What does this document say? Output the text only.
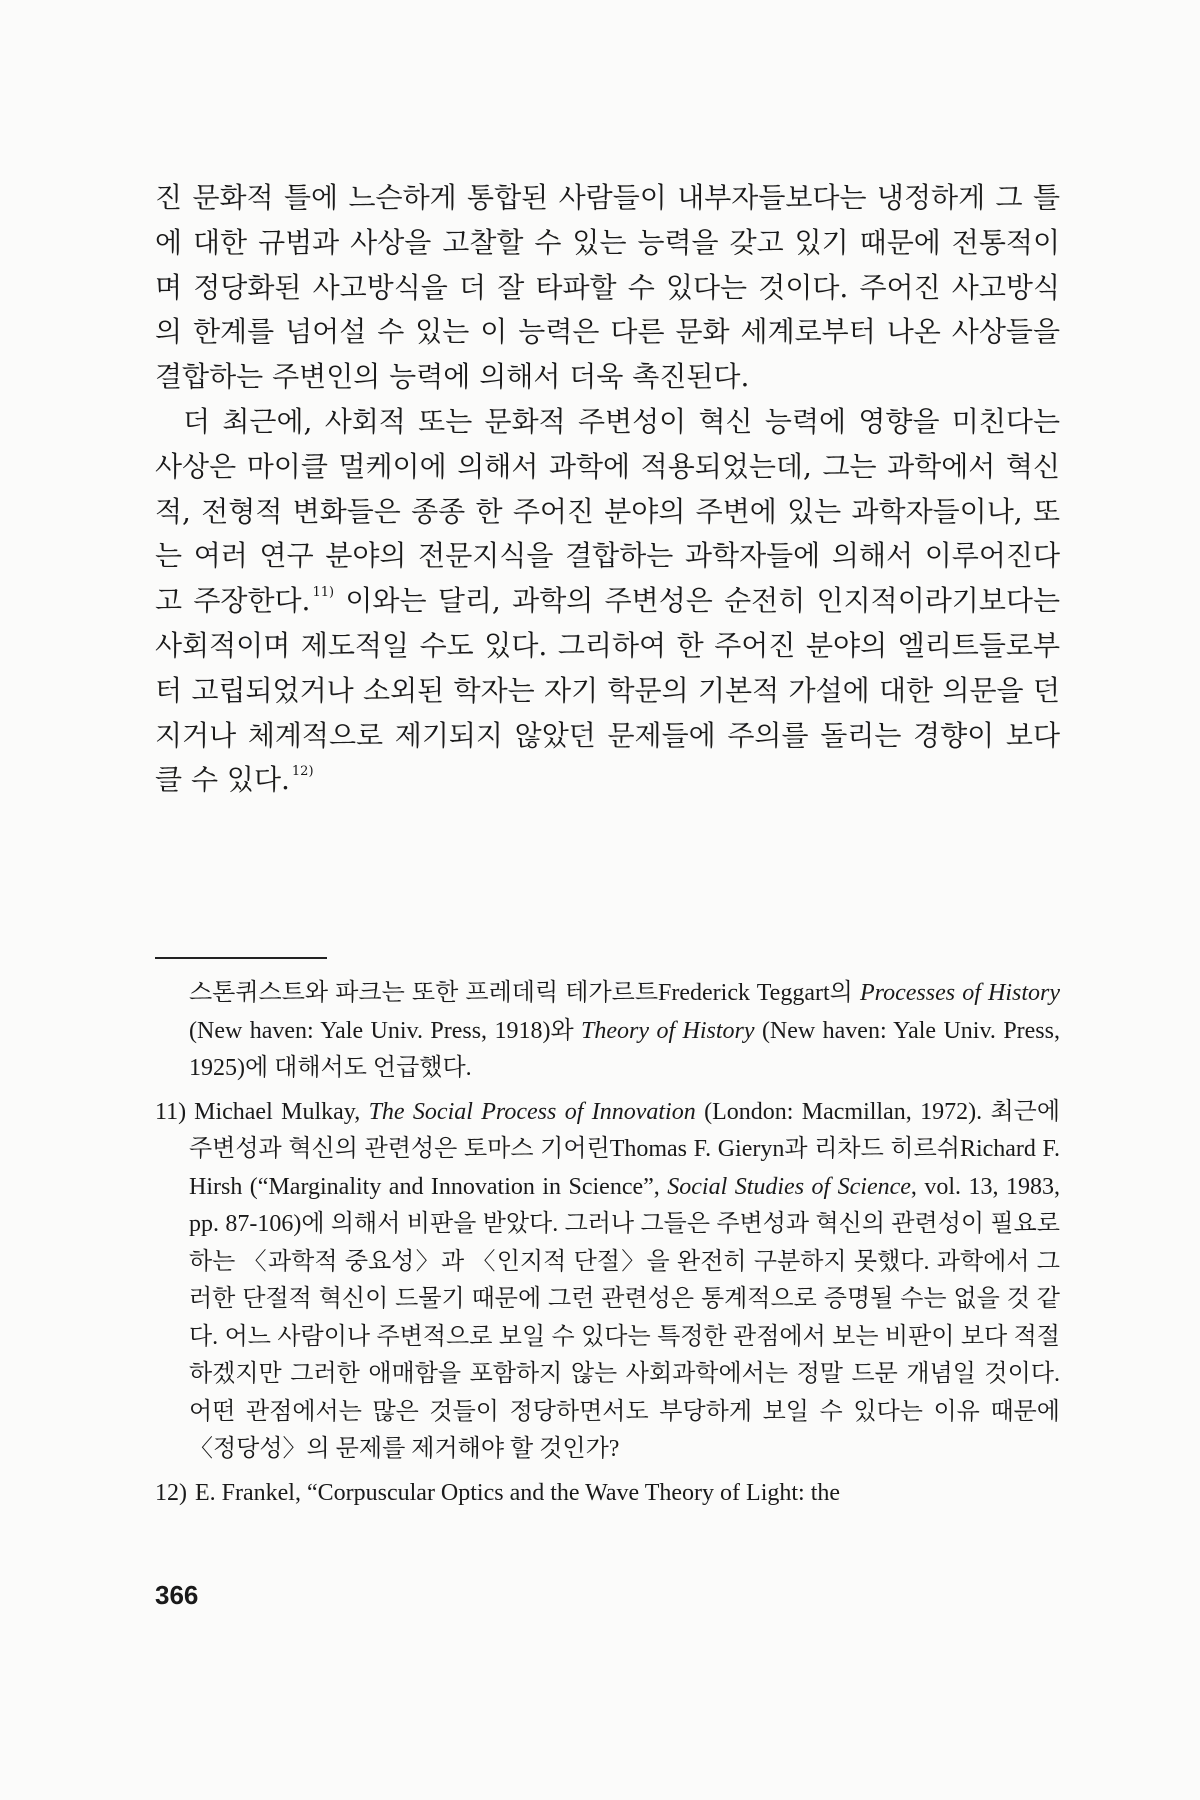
진 문화적 틀에 느슨하게 통합된 사람들이 내부자들보다는 냉정하게 그 틀에 대한 규범과 사상을 고찰할 수 있는 능력을 갖고 있기 때문에 전통적이며 정당화된 사고방식을 더 잘 타파할 수 있다는 것이다. 주어진 사고방식의 한계를 넘어설 수 있는 이 능력은 다른 문화 세계로부터 나온 사상들을 결합하는 주변인의 능력에 의해서 더욱 촉진된다.

더 최근에, 사회적 또는 문화적 주변성이 혁신 능력에 영향을 미친다는 사상은 마이클 멀케이에 의해서 과학에 적용되었는데, 그는 과학에서 혁신적, 전형적 변화들은 종종 한 주어진 분야의 주변에 있는 과학자들이나, 또는 여러 연구 분야의 전문지식을 결합하는 과학자들에 의해서 이루어진다고 주장한다. $^{11)}$ 이와는 달리, 과학의 주변성은 순전히 인지적이라기보다는 사회적이며 제도적일 수도 있다. 그리하여 한 주어진 분야의 엘리트들로부터 고립되었거나 소외된 학자는 자기 학문의 기본적 가설에 대한 의문을 던지거나 체계적으로 제기되지 않았던 문제들에 주의를 돌리는 경향이 보다 클 수 있다. $^{12)}$

스톤퀴스트와 파크는 또한 프레데릭 테가르트Frederick Teggart의 Processes of History (New haven: Yale Univ. Press, 1918)와 Theory of History (New haven: Yale Univ. Press, 1925)에 대해서도 언급했다.

11) Michael Mulkay, The Social Process of Innovation (London: Macmillan, 1972). 최근에 주변성과 혁신의 관련성은 토마스 기어린Thomas F. Gieryn과 리차드 히르쉬Richard F. Hirsh (“Marginality and Innovation in Science”, Social Studies of Science, vol. 13, 1983, pp. 87-106)에 의해서 비판을 받았다. 그러나 그들은 주변성과 혁신의 관련성이 필요로 하는 〈과학적 중요성〉과 〈인지적 단절〉을 완전히 구분하지 못했다. 과학에서 그러한 단절적 혁신이 드물기 때문에 그런 관련성은 통계적으로 증명될 수는 없을 것 같다. 어느 사람이나 주변적으로 보일 수 있다는 특정한 관점에서 보는 비판이 보다 적절하겠지만 그러한 애매함을 포함하지 않는 사회과학에서는 정말 드문 개념일 것이다. 어떤 관점에서는 많은 것들이 정당하면서도 부당하게 보일 수 있다는 이유 때문에 〈정당성〉의 문제를 제거해야 할 것인가?

12) E. Frankel, “Corpuscular Optics and the Wave Theory of Light: the

366
